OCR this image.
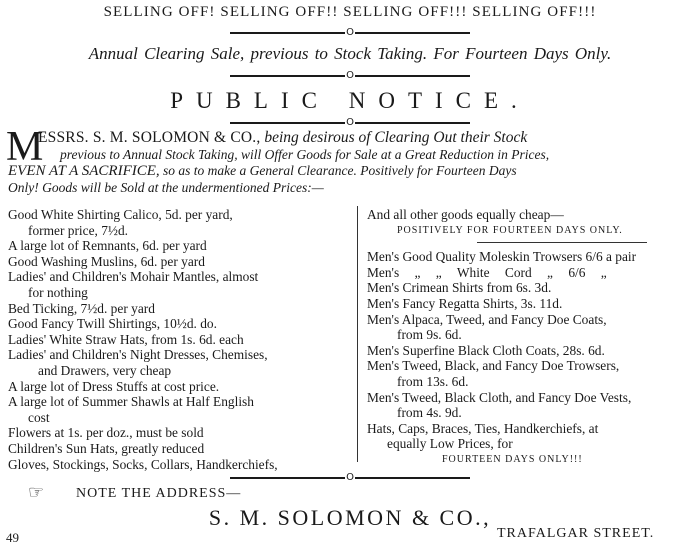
SELLING OFF! SELLING OFF!! SELLING OFF!!! SELLING OFF!!!
O
Annual Clearing Sale, previous to Stock Taking. For Fourteen Days Only.
O
PUBLIC NOTICE.
O
M
ESSRS. S. M. SOLOMON & CO., being desirous of Clearing Out their Stock
previous to Annual Stock Taking, will Offer Goods for Sale at a Great Reduction in Prices,
EVEN AT A SACRIFICE, so as to make a General Clearance. Positively for Fourteen Days
Only! Goods will be Sold at the undermentioned Prices:—
Good White Shirting Calico, 5d. per yard,
former price, 7½d.
A large lot of Remnants, 6d. per yard
Good Washing Muslins, 6d. per yard
Ladies' and Children's Mohair Mantles, almost
for nothing
Bed Ticking, 7½d. per yard
Good Fancy Twill Shirtings, 10½d. do.
Ladies' White Straw Hats, from 1s. 6d. each
Ladies' and Children's Night Dresses, Chemises,
and Drawers, very cheap
A large lot of Dress Stuffs at cost price.
A large lot of Summer Shawls at Half English
cost
Flowers at 1s. per doz., must be sold
Children's Sun Hats, greatly reduced
Gloves, Stockings, Socks, Collars, Handkerchiefs,
And all other goods equally cheap—
POSITIVELY FOR FOURTEEN DAYS ONLY.
Men's Good Quality Moleskin Trowsers 6/6 a pair
Men's „ „ White Cord „ 6/6 „
Men's Crimean Shirts from 6s. 3d.
Men's Fancy Regatta Shirts, 3s. 11d.
Men's Alpaca, Tweed, and Fancy Doe Coats,
from 9s. 6d.
Men's Superfine Black Cloth Coats, 28s. 6d.
Men's Tweed, Black, and Fancy Doe Trowsers,
from 13s. 6d.
Men's Tweed, Black Cloth, and Fancy Doe Vests,
from 4s. 9d.
Hats, Caps, Braces, Ties, Handkerchiefs, at
equally Low Prices, for
FOURTEEN DAYS ONLY!!!
O
☞ NOTE THE ADDRESS—
S. M. SOLOMON & CO.,
49	TRAFALGAR STREET.
